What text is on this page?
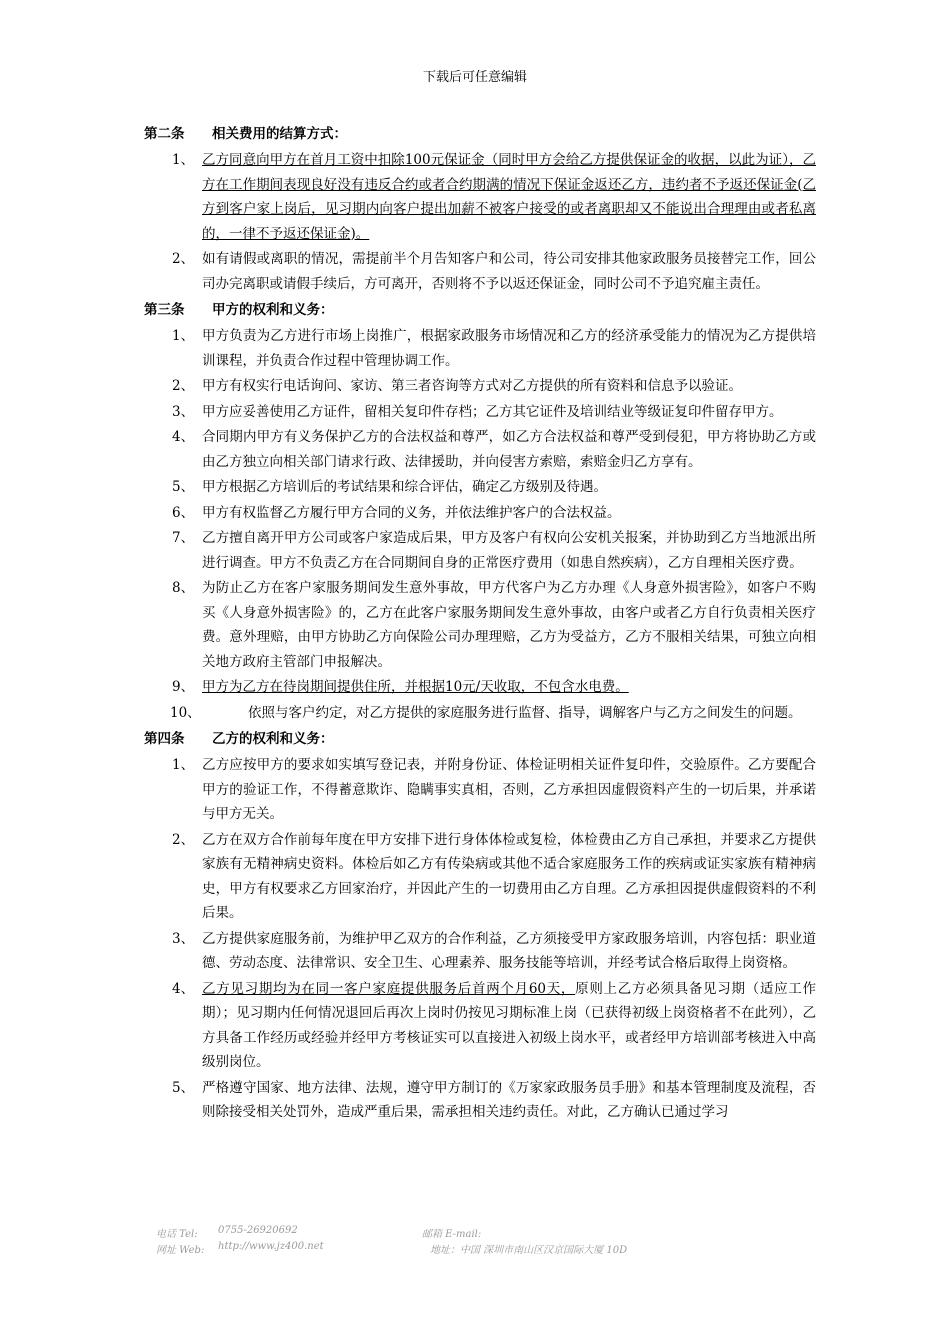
下载后可任意编辑
第二条 相关费用的结算方式：
1、 乙方同意向甲方在首月工资中扣除100元保证金（同时甲方会给乙方提供保证金的收据，以此为证），乙方在工作期间表现良好没有违反合约或者合约期满的情况下保证金返还乙方，违约者不予返还保证金(乙方到客户家上岗后，见习期内向客户提出加薪不被客户接受的或者离职却又不能说出合理理由或者私离的，一律不予返还保证金)。
2、 如有请假或离职的情况，需提前半个月告知客户和公司，待公司安排其他家政服务员接替完工作，回公司办完离职或请假手续后，方可离开，否则将不予以返还保证金，同时公司不予追究雇主责任。
第三条 甲方的权利和义务：
1、 甲方负责为乙方进行市场上岗推广，根据家政服务市场情况和乙方的经济承受能力的情况为乙方提供培训课程，并负责合作过程中管理协调工作。
2、 甲方有权实行电话询问、家访、第三者咨询等方式对乙方提供的所有资料和信息予以验证。
3、 甲方应妥善使用乙方证件，留相关复印件存档；乙方其它证件及培训结业等级证复印件留存甲方。
4、 合同期内甲方有义务保护乙方的合法权益和尊严，如乙方合法权益和尊严受到侵犯，甲方将协助乙方或由乙方独立向相关部门请求行政、法律援助，并向侵害方索赔，索赔金归乙方享有。
5、 甲方根据乙方培训后的考试结果和综合评估，确定乙方级别及待遇。
6、 甲方有权监督乙方履行甲方合同的义务，并依法维护客户的合法权益。
7、 乙方擅自离开甲方公司或客户家造成后果，甲方及客户有权向公安机关报案，并协助到乙方当地派出所进行调查。甲方不负责乙方在合同期间自身的正常医疗费用（如患自然疾病），乙方自理相关医疗费。
8、 为防止乙方在客户家服务期间发生意外事故，甲方代客户为乙方办理《人身意外损害险》，如客户不购买《人身意外损害险》的，乙方在此客户家服务期间发生意外事故，由客户或者乙方自行负责相关医疗费。意外理赔，由甲方协助乙方向保险公司办理理赔，乙方为受益方，乙方不服相关结果，可独立向相关地方政府主管部门申报解决。
9、 甲方为乙方在待岗期间提供住所，并根据10元/天收取，不包含水电费。
10、	依照与客户约定，对乙方提供的家庭服务进行监督、指导，调解客户与乙方之间发生的问题。
第四条 乙方的权利和义务：
1、 乙方应按甲方的要求如实填写登记表，并附身份证、体检证明相关证件复印件，交验原件。乙方要配合甲方的验证工作，不得蓄意欺诈、隐瞒事实真相，否则，乙方承担因虚假资料产生的一切后果，并承诺与甲方无关。
2、 乙方在双方合作前每年度在甲方安排下进行身体体检或复检，体检费由乙方自己承担，并要求乙方提供家族有无精神病史资料。体检后如乙方有传染病或其他不适合家庭服务工作的疾病或证实家族有精神病史，甲方有权要求乙方回家治疗，并因此产生的一切费用由乙方自理。乙方承担因提供虚假资料的不利后果。
3、 乙方提供家庭服务前，为维护甲乙双方的合作利益，乙方须接受甲方家政服务培训，内容包括：职业道德、劳动态度、法律常识、安全卫生、心理素养、服务技能等培训，并经考试合格后取得上岗资格。
4、 乙方见习期均为在同一客户家庭提供服务后首两个月60天，原则上乙方必须具备见习期（适应工作期）；见习期内任何情况退回后再次上岗时仍按见习期标准上岗（已获得初级上岗资格者不在此列），乙方具备工作经历或经验并经甲方考核证实可以直接进入初级上岗水平，或者经甲方培训部考核进入中高级别岗位。
5、 严格遵守国家、地方法律、法规，遵守甲方制订的《万家家政服务员手册》和基本管理制度及流程，否则除接受相关处罚外，造成严重后果，需承担相关违约责任。对此，乙方确认已通过学习
电话 Tel: 0755-26920692	邮箱 E-mail:
网址 Web: http://www.jz400.net	地址：中国 深圳市南山区汉京国际大厦 10D
